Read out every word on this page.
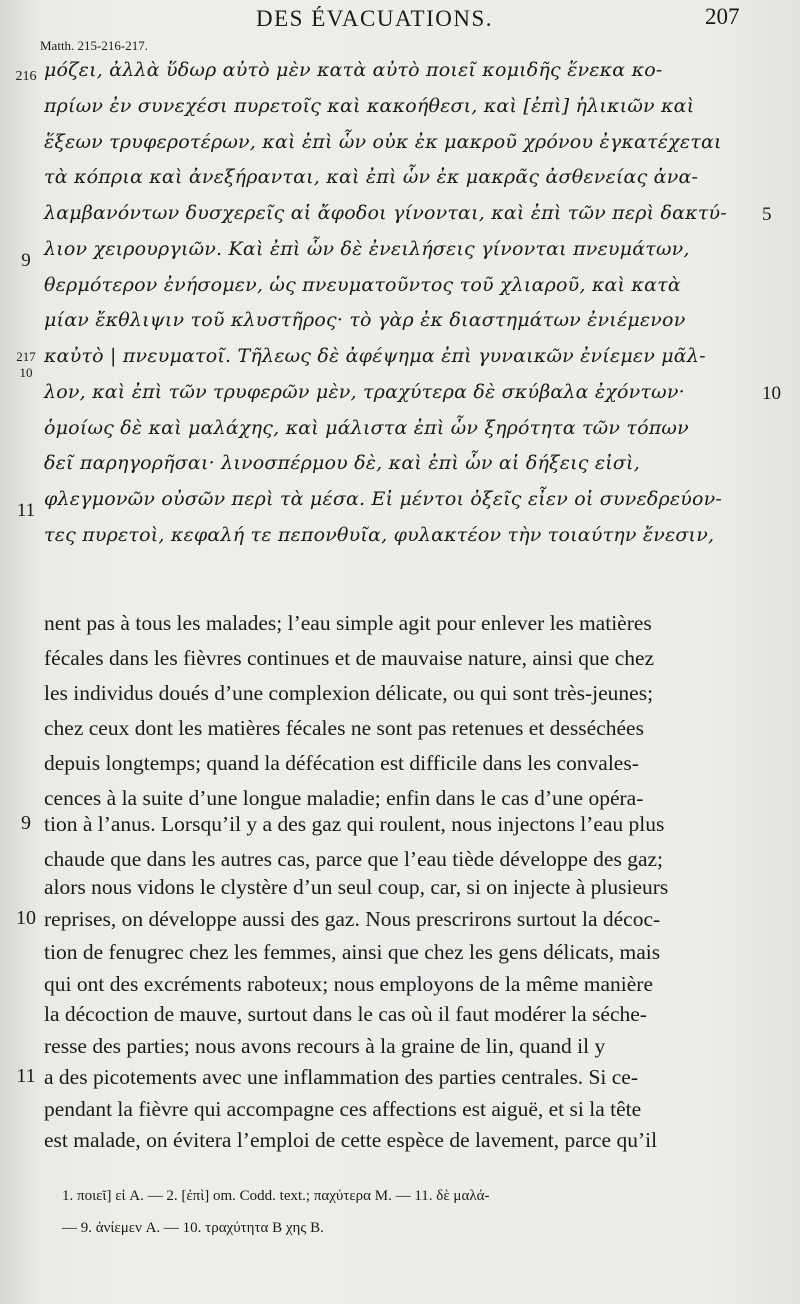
DES ÉVACUATIONS.	207
Matth. 215-216-217.
216 μόζει, ἀλλὰ ὕδωρ αὐτὸ μὲν κατὰ αὐτὸ ποιεῖ κομιδῆς ἕνεκα κο-
πρίων ἐν συνεχέσι πυρετοῖς καὶ κακοήθεσι, καὶ [ἐπὶ] ἡλικιῶν καὶ
ἕξεων τρυφεροτέρων, καὶ ἐπὶ ὧν οὐκ ἐκ μακροῦ χρόνου ἐγκατέχεται
τὰ κόπρια καὶ ἀνεξήρανται, καὶ ἐπὶ ὧν ἐκ μακρᾶς ἀσθενείας ἀνα-
λαμβανόντων δυσχερεῖς αἱ ἄφοδοι γίνονται, καὶ ἐπὶ τῶν περὶ δακτύ- 5
9
λιον χειρουργιῶν. Καὶ ἐπὶ ὧν δὲ ἐνειλήσεις γίνονται πνευμάτων,
θερμότερον ἐνήσομεν, ὡς πνευματοῦντος τοῦ χλιαροῦ, καὶ κατὰ
μίαν ἔκθλιψιν τοῦ κλυστῆρος· τὸ γὰρ ἐκ διαστημάτων ἐνιέμενον
217
10
καὐτὸ | πνευματοῖ. Τῆλεως δὲ ἀφέψημα ἐπὶ γυναικῶν ἐνίεμεν μᾶλ-
λον, καὶ ἐπὶ τῶν τρυφερῶν μὲν, τραχύτερα δὲ σκύβαλα ἐχόντων·	10
ὁμοίως δὲ καὶ μαλάχης, καὶ μάλιστα ἐπὶ ὧν ξηρότητα τῶν τόπων
δεῖ παρηγορῆσαι· λινοσπέρμου δὲ, καὶ ἐπὶ ὧν αἱ δήξεις εἰσὶ,
11
φλεγμονῶν οὐσῶν περὶ τὰ μέσα. Εἰ μέντοι ὀξεῖς εἶεν οἱ συνεδρεύον-
τες πυρετοὶ, κεφαλή τε πεπονθυῖα, φυλακτέον τὴν τοιαύτην ἔνεσιν,
nent pas à tous les malades; l’eau simple agit pour enlever les matières
fécales dans les fièvres continues et de mauvaise nature, ainsi que chez
les individus doués d’une complexion délicate, ou qui sont très-jeunes;
chez ceux dont les matières fécales ne sont pas retenues et desséchées
depuis longtemps; quand la défécation est difficile dans les convales-
cences à la suite d’une longue maladie; enfin dans le cas d’une opéra-
9 tion à l’anus. Lorsqu’il y a des gaz qui roulent, nous injectons l’eau plus
chaude que dans les autres cas, parce que l’eau tiède développe des gaz;
alors nous vidons le clystère d’un seul coup, car, si on injecte à plusieurs
10 reprises, on développe aussi des gaz. Nous prescrirons surtout la décoc-
tion de fenugrec chez les femmes, ainsi que chez les gens délicats, mais
qui ont des excréments raboteux; nous employons de la même manière
la décoction de mauve, surtout dans le cas où il faut modérer la séche-
resse des parties; nous avons recours à la graine de lin, quand il y
11 a des picotements avec une inflammation des parties centrales. Si ce-
pendant la fièvre qui accompagne ces affections est aiguë, et si la tête
est malade, on évitera l’emploi de cette espèce de lavement, parce qu’il
1. ποιεῖ] εἰ A. — 2. [ἐπὶ] om. Codd. text.; παχύτερα M. — 11. δὲ μαλά-
— 9. ἀνίεμεν A. — 10. τραχύτητα B χης B.
